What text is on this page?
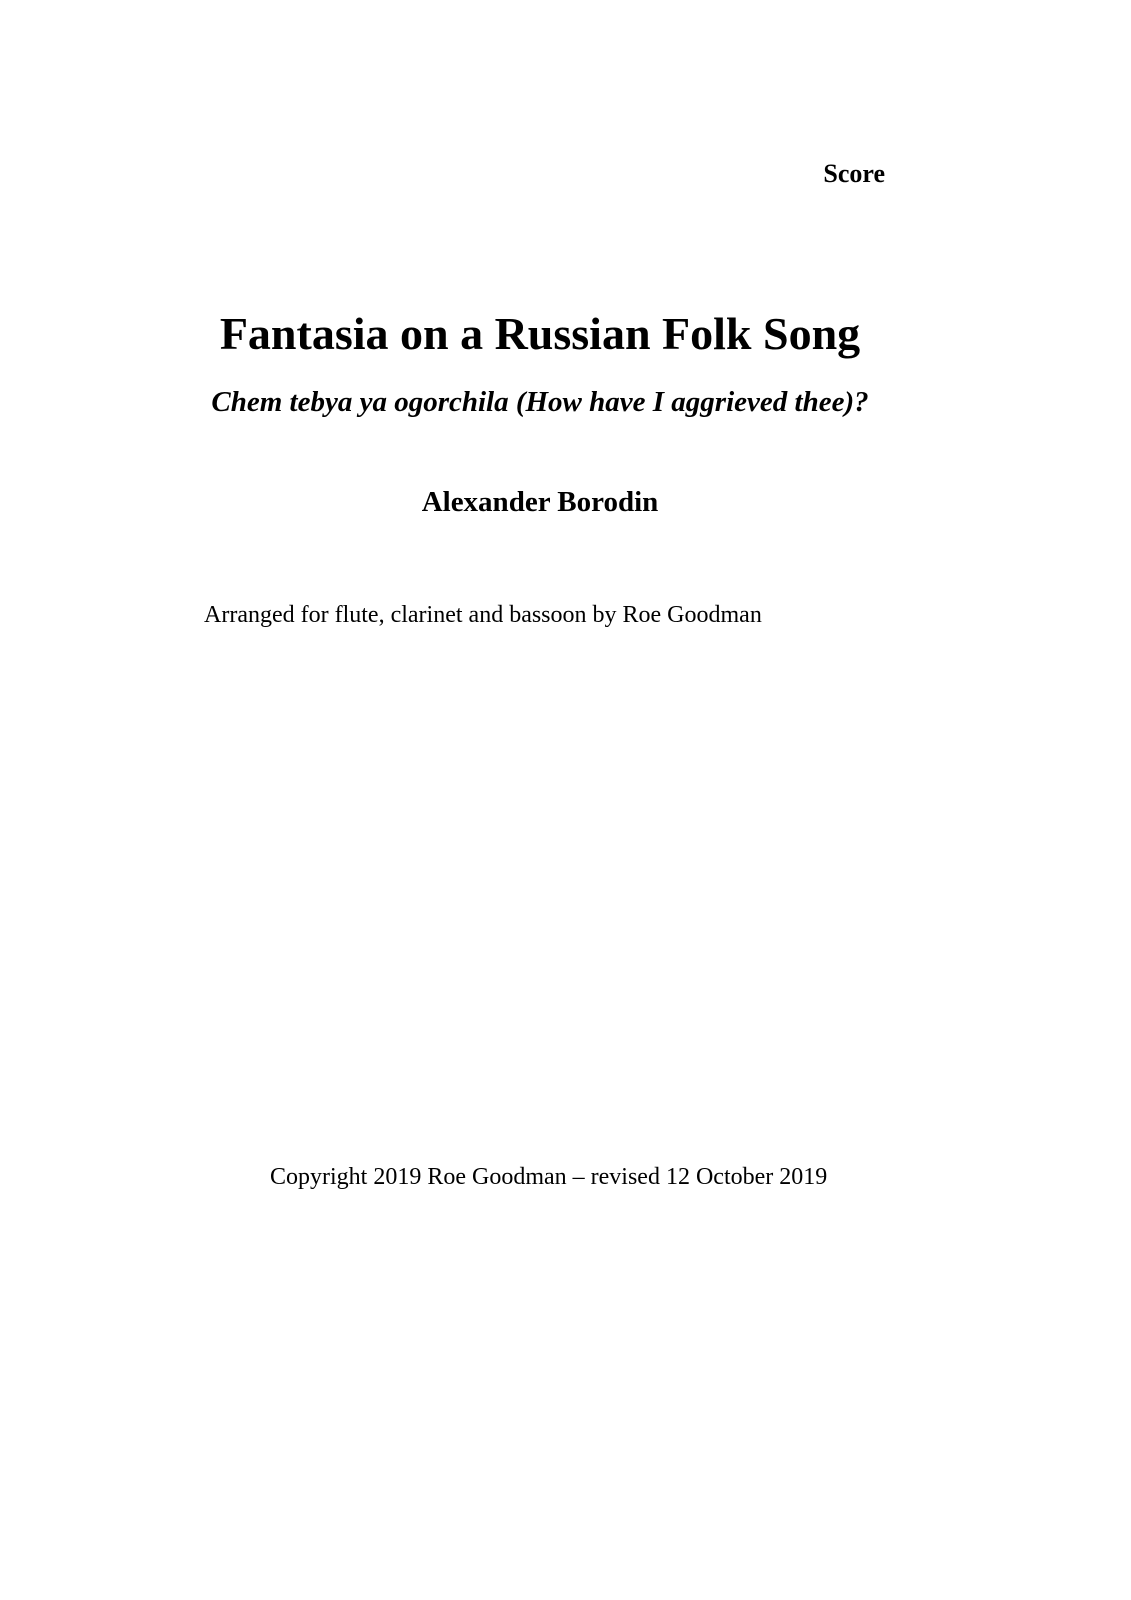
Score
Fantasia on a Russian Folk Song
Chem tebya ya ogorchila (How have I aggrieved thee)?
Alexander Borodin
Arranged for flute, clarinet and bassoon by Roe Goodman
Copyright 2019 Roe Goodman – revised 12 October 2019
